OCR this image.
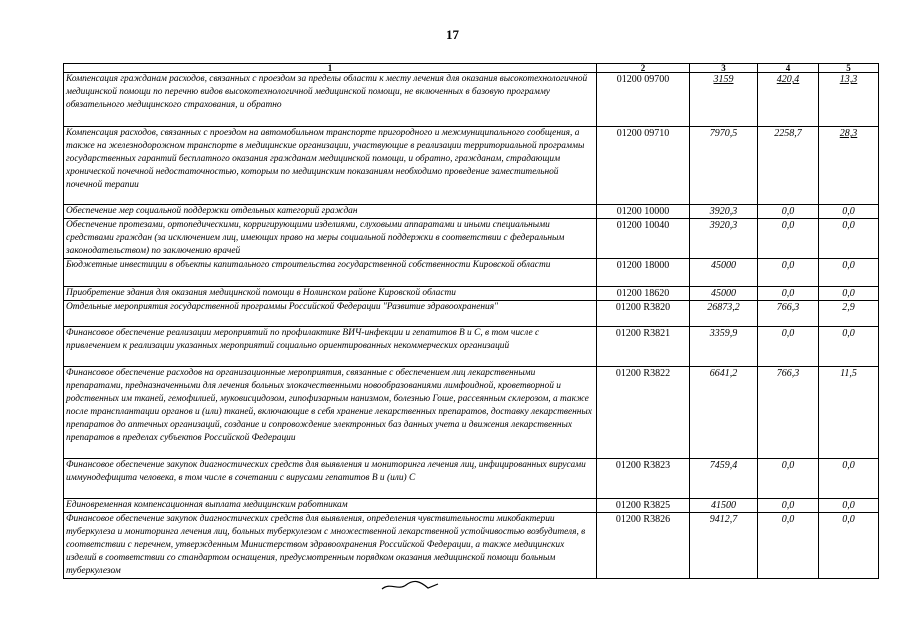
17
1	2	3	4	5
Компенсация гражданам расходов, связанных с проездом за пределы области к месту лечения для оказания высокотехнологичной медицинской помощи по перечню видов высокотехнологичной медицинской помощи, не включенных в базовую программу обязательного медицинского страхования, и обратно	01200 09700	3159	420,4	13,3
Компенсация расходов, связанных с проездом на автомобильном транспорте пригородного и межмуниципального сообщения, а также на железнодорожном транспорте в медицинские организации, участвующие в реализации территориальной программы государственных гарантий бесплатного оказания гражданам медицинской помощи, и обратно, гражданам, страдающим хронической почечной недостаточностью, которым по медицинским показаниям необходимо проведение заместительной почечной терапии	01200 09710	7970,5	2258,7	28,3
Обеспечение мер социальной поддержки отдельных категорий граждан	01200 10000	3920,3	0,0	0,0
Обеспечение протезами, ортопедическими, корригирующими изделиями, слуховыми аппаратами и иными специальными средствами граждан (за исключением лиц, имеющих право на меры социальной поддержки в соответствии с федеральным законодательством) по заключению врачей	01200 10040	3920,3	0,0	0,0
Бюджетные инвестиции в объекты капитального строительства государственной собственности Кировской области	01200 18000	45000	0,0	0,0
Приобретение здания для оказания медицинской помощи в Нолинском районе Кировской области	01200 18620	45000	0,0	0,0
Отдельные мероприятия государственной программы Российской Федерации "Развитие здравоохранения"	01200 R3820	26873,2	766,3	2,9
Финансовое обеспечение реализации мероприятий по профилактике ВИЧ-инфекции и гепатитов В и С, в том числе с привлечением к реализации указанных мероприятий социально ориентированных некоммерческих организаций	01200 R3821	3359,9	0,0	0,0
Финансовое обеспечение расходов на организационные мероприятия, связанные с обеспечением лиц лекарственными препаратами, предназначенными для лечения больных злокачественными новообразованиями лимфоидной, кроветворной и родственных им тканей, гемофилией, муковисцидозом, гипофизарным нанизмом, болезнью Гоше, рассеянным склерозом, а также после трансплантации органов и (или) тканей, включающие в себя хранение лекарственных препаратов, доставку лекарственных препаратов до аптечных организаций, создание и сопровождение электронных баз данных учета и движения лекарственных препаратов в пределах субъектов Российской Федерации	01200 R3822	6641,2	766,3	11,5
Финансовое обеспечение закупок диагностических средств для выявления и мониторинга лечения лиц, инфицированных вирусами иммунодефицита человека, в том числе в сочетании с вирусами гепатитов В и (или) С	01200 R3823	7459,4	0,0	0,0
Единовременная компенсационная выплата медицинским работникам	01200 R3825	41500	0,0	0,0
Финансовое обеспечение закупок диагностических средств для выявления, определения чувствительности микобактерии туберкулеза и мониторинга лечения лиц, больных туберкулезом с множественной лекарственной устойчивостью возбудителя, в соответствии с перечнем, утвержденным Министерством здравоохранения Российской Федерации, а также медицинских изделий в соответствии со стандартом оснащения, предусмотренным порядком оказания медицинской помощи больным туберкулезом	01200 R3826	9412,7	0,0	0,0
